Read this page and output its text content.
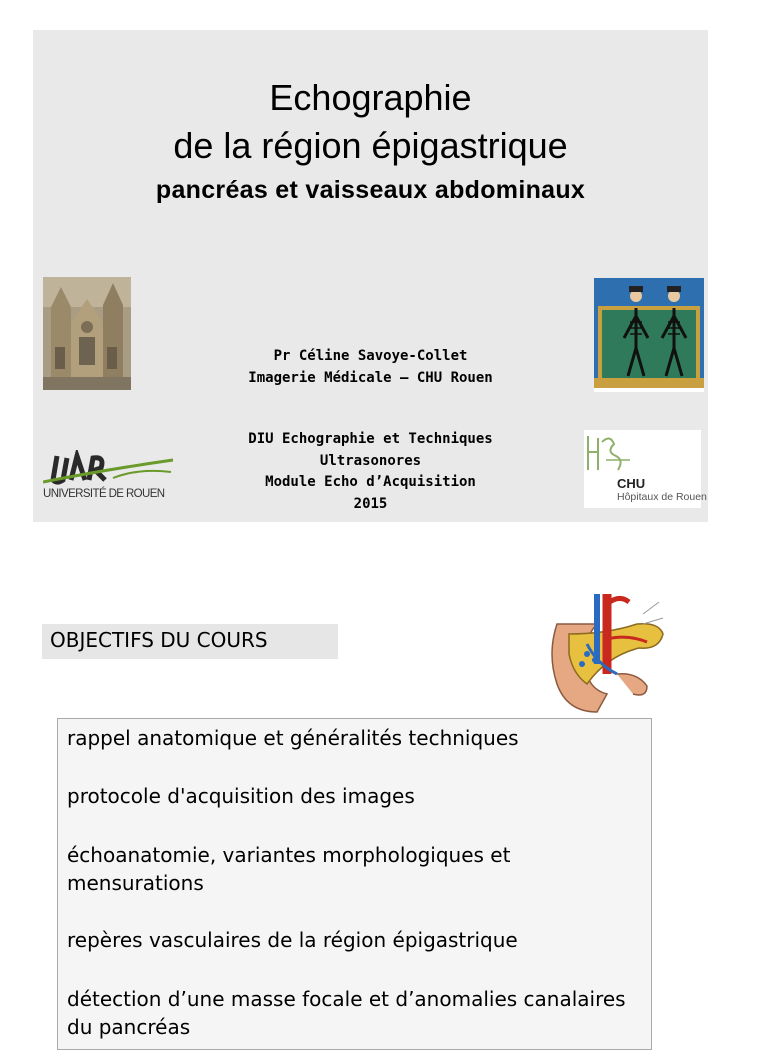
Echographie
de la région épigastrique
pancréas et vaisseaux abdominaux
Pr Céline Savoye-Collet
Imagerie Médicale – CHU Rouen
DIU Echographie et Techniques
Ultrasonores
Module Echo d’Acquisition
2015
UNIVERSITÉ DE ROUEN
CHU
Hôpitaux de Rouen
OBJECTIFS DU COURS
rappel anatomique et généralités techniques
protocole d'acquisition des images
échoanatomie, variantes morphologiques et mensurations
repères vasculaires de la région épigastrique
détection d’une masse focale et d’anomalies canalaires du pancréas
